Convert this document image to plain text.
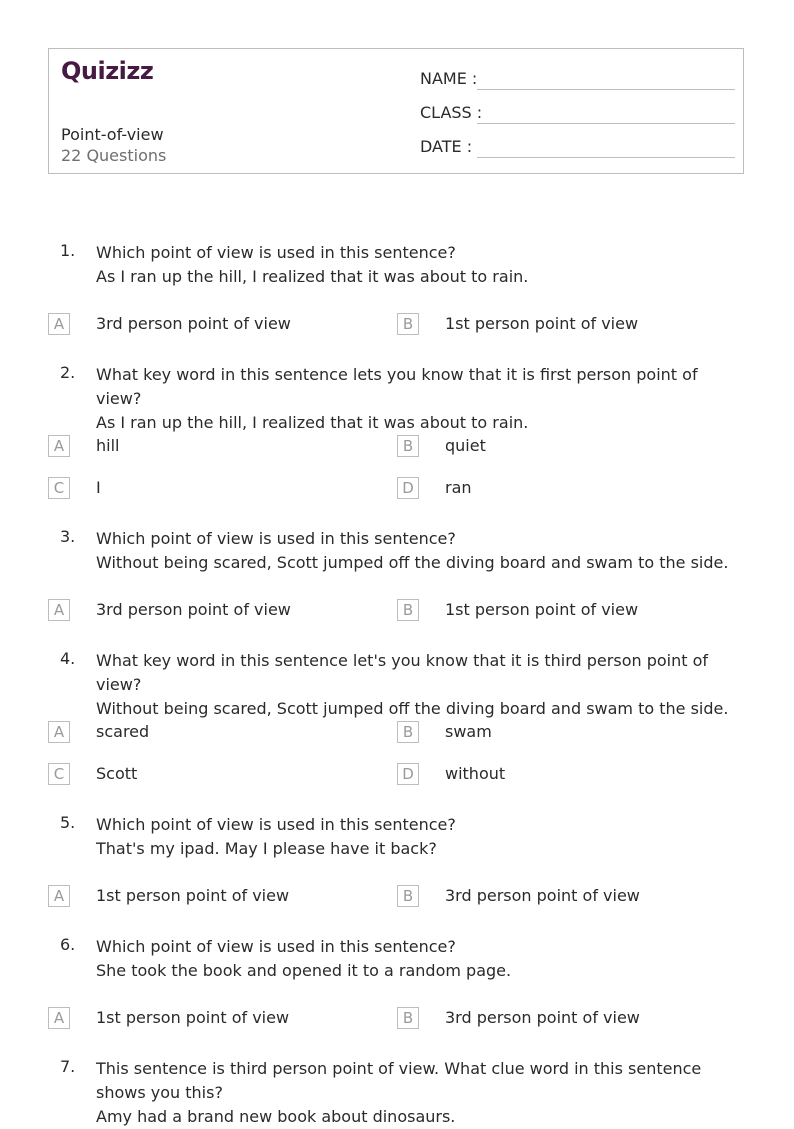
Quizizz
Point-of-view
22 Questions
NAME :
CLASS :
DATE :
1. Which point of view is used in this sentence?
As I ran up the hill, I realized that it was about to rain.
A	3rd person point of view	B	1st person point of view
2. What key word in this sentence lets you know that it is first person point of view?
As I ran up the hill, I realized that it was about to rain.
A	hill	B	quiet
C	I	D	ran
3. Which point of view is used in this sentence?
Without being scared, Scott jumped off the diving board and swam to the side.
A	3rd person point of view	B	1st person point of view
4. What key word in this sentence let's you know that it is third person point of view?
Without being scared, Scott jumped off the diving board and swam to the side.
A	scared	B	swam
C	Scott	D	without
5. Which point of view is used in this sentence?
That's my ipad. May I please have it back?
A	1st person point of view	B	3rd person point of view
6. Which point of view is used in this sentence?
She took the book and opened it to a random page.
A	1st person point of view	B	3rd person point of view
7. This sentence is third person point of view. What clue word in this sentence shows you this?
Amy had a brand new book about dinosaurs.
